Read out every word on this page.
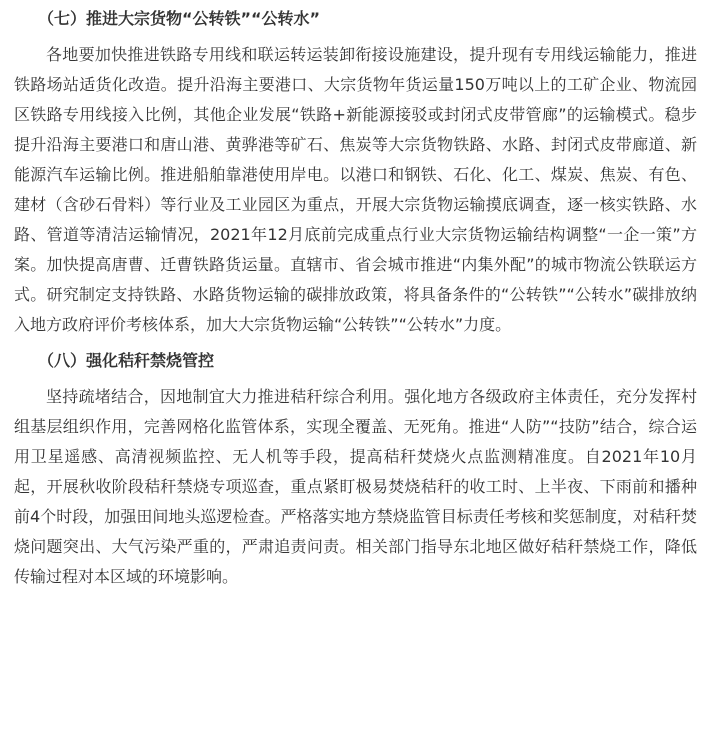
（七）推进大宗货物“公转铁”“公转水”

各地要加快推进铁路专用线和联运转运装卸衔接设施建设，提升现有专用线运输能力，推进铁路场站适货化改造。提升沿海主要港口、大宗货物年货运量150万吨以上的工矿企业、物流园区铁路专用线接入比例，其他企业发展“铁路+新能源接驳或封闭式皮带管廊”的运输模式。稳步提升沿海主要港口和唐山港、黄骅港等矿石、焦炭等大宗货物铁路、水路、封闭式皮带廊道、新能源汽车运输比例。推进船舶靠港使用岸电。以港口和钢铁、石化、化工、煤炭、焦炭、有色、建材（含砂石骨料）等行业及工业园区为重点，开展大宗货物运输摸底调查，逐一核实铁路、水路、管道等清洁运输情况，2021年12月底前完成重点行业大宗货物运输结构调整“一企一策”方案。加快提高唐曹、迁曹铁路货运量。直辖市、省会城市推进“内集外配”的城市物流公铁联运方式。研究制定支持铁路、水路货物运输的碳排放政策，将具备条件的“公转铁”“公转水”碳排放纳入地方政府评价考核体系，加大大宗货物运输“公转铁”“公转水”力度。

（八）强化秸秆禁烧管控

坚持疏堵结合，因地制宜大力推进秸秆综合利用。强化地方各级政府主体责任，充分发挥村组基层组织作用，完善网格化监管体系，实现全覆盖、无死角。推进“人防”“技防”结合，综合运用卫星遥感、高清视频监控、无人机等手段，提高秸秆焚烧火点监测精准度。自2021年10月起，开展秋收阶段秸秆禁烧专项巡查，重点紧盯极易焚烧秸秆的收工时、上半夜、下雨前和播种前4个时段，加强田间地头巡逻检查。严格落实地方禁烧监管目标责任考核和奖惩制度，对秸秆焚烧问题突出、大气污染严重的，严肃追责问责。相关部门指导东北地区做好秸秆禁烧工作，降低传输过程对本区域的环境影响。
